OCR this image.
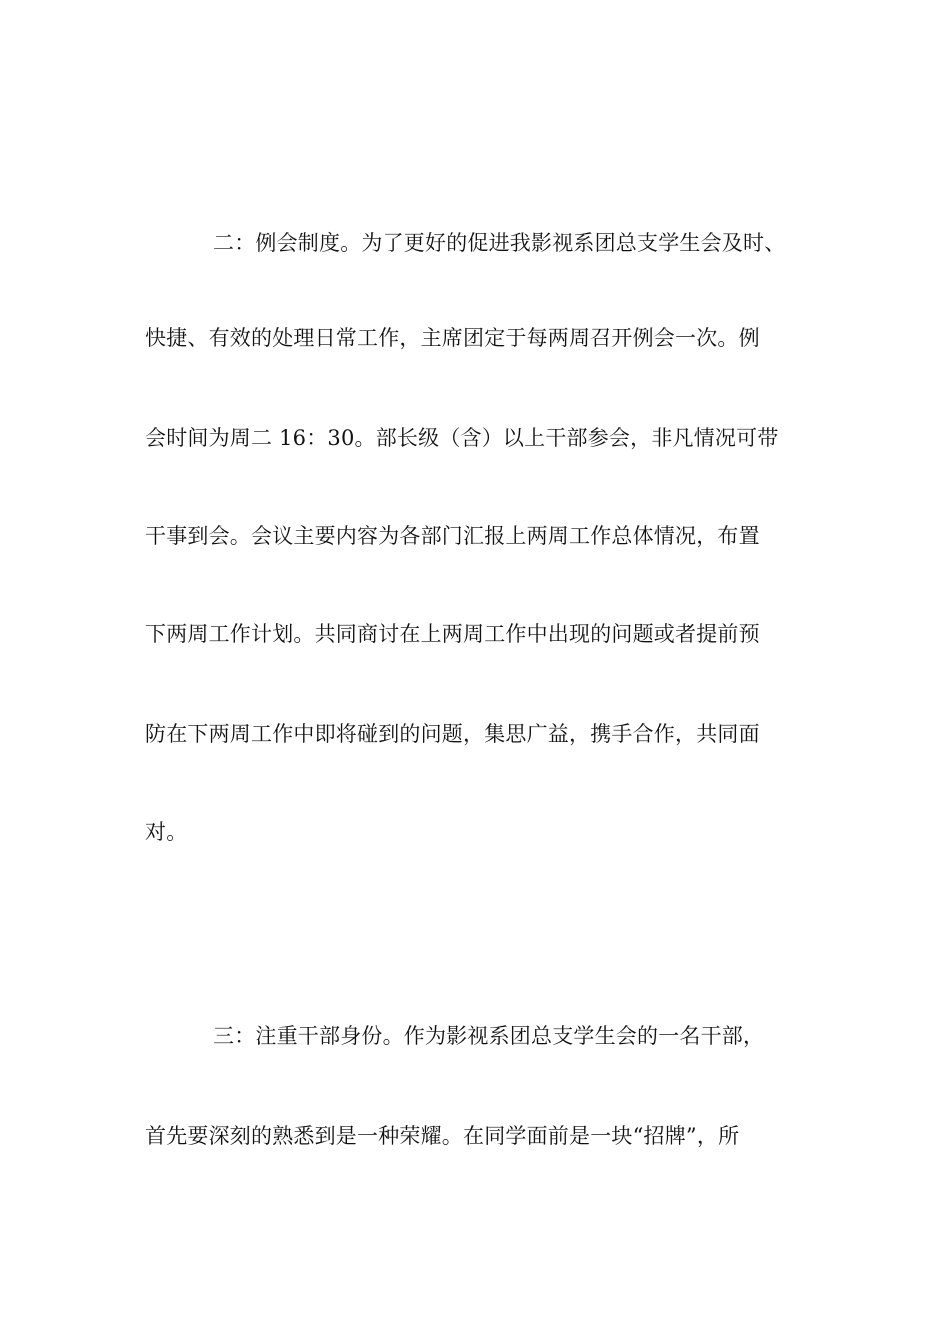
二：例会制度。为了更好的促进我影视系团总支学生会及时、
快捷、有效的处理日常工作，主席团定于每两周召开例会一次。例
会时间为周二 16：30。部长级（含）以上干部参会，非凡情况可带
干事到会。会议主要内容为各部门汇报上两周工作总体情况，布置
下两周工作计划。共同商讨在上两周工作中出现的问题或者提前预
防在下两周工作中即将碰到的问题，集思广益，携手合作，共同面
对。
三：注重干部身份。作为影视系团总支学生会的一名干部，
首先要深刻的熟悉到是一种荣耀。在同学面前是一块“招牌”，所
